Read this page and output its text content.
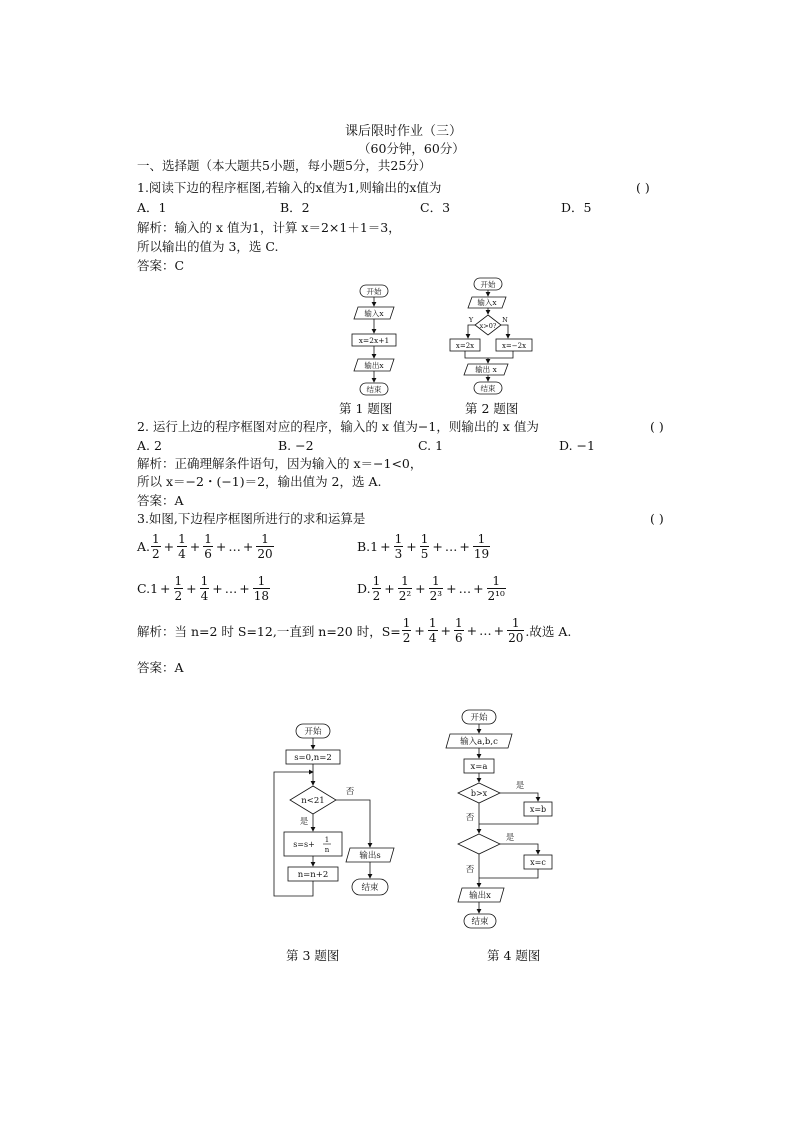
课后限时作业（三）
（60分钟，60分）
一、选择题（本大题共5小题，每小题5分，共25分）
1.阅读下边的程序框图,若输入的x值为1,则输出的x值为	( )
A．1	B．2	C．3	D．5
解析：输入的 x 值为1，计算 x＝2×1＋1＝3，
所以输出的值为 3，选 C.
答案：C
开始
输入x
x=2x+1
输出x
结束
开始
输入x
x>0?
Y	N
x=2x	x=−2x
输出 x
结束
第 1 题图	第 2 题图
2. 运行上边的程序框图对应的程序，输入的 x 值为−1，则输出的 x 值为	( )
A. 2	B. −2	C. 1	D. −1
解析：正确理解条件语句，因为输入的 x＝−1<0，
所以 x＝−2・(−1)＝2，输出值为 2，选 A.
答案：A
3.如图,下边程序框图所进行的求和运算是	( )
A. $\frac{1}{2} + \frac{1}{4} + \frac{1}{6}$ + … + $\frac{1}{20}$	B. $1 + \frac{1}{3} + \frac{1}{5}$ + … + $\frac{1}{19}$
C. $1 + \frac{1}{2} + \frac{1}{4}$ + … + $\frac{1}{18}$	D. $\frac{1}{2} + \frac{1}{\text{2²}} + \frac{1}{\text{2³}}$ + … + $\frac{1}{\text{2¹⁰}}$
解析：当 n=2 时 S=12,一直到 n=20 时，$S= \frac{1}{2} + \frac{1}{4} + \frac{1}{6}$ + … + $\frac{1}{20}$ .故选 A.
答案：A
开始
s=0,n=2
n<21
否
是
s=s+ 1
n
n=n+2
输出s
结束
开始
输入a,b,c
x=a
b>x
是
否
x=b
是
否
x=c
输出x
结束
第 3 题图	第 4 题图
